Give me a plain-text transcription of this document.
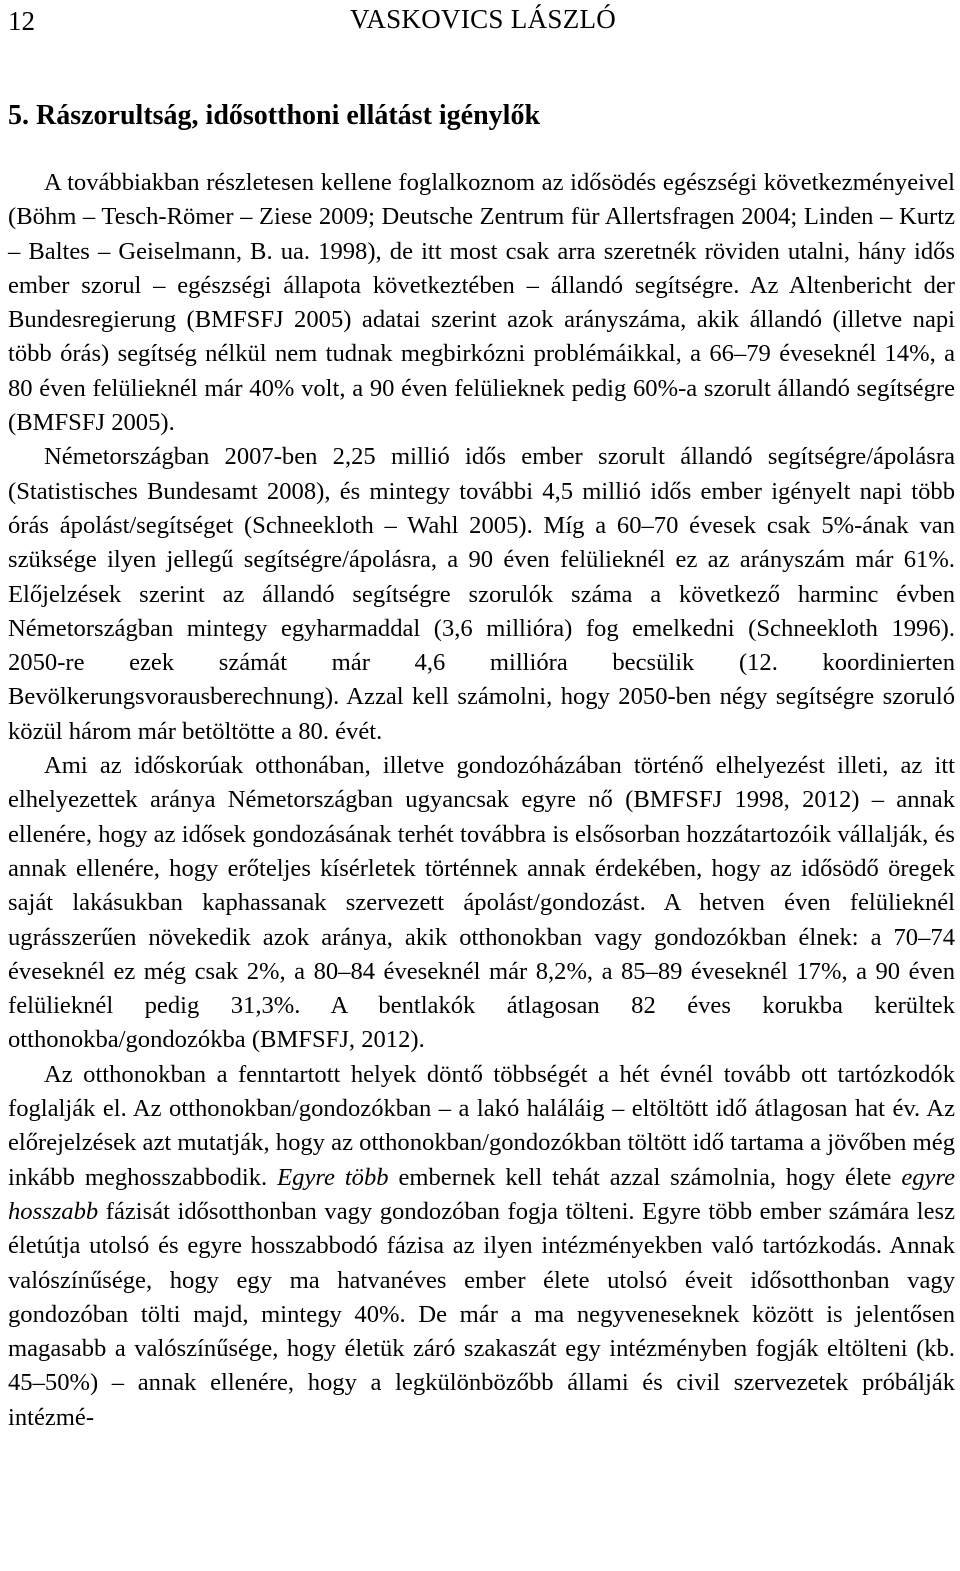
12	VASKOVICS LÁSZLÓ
5. Rászorultság, idősotthoni ellátást igénylők

A továbbiakban részletesen kellene foglalkoznom az idősödés egészségi következményeivel (Böhm – Tesch-Römer – Ziese 2009; Deutsche Zentrum für Allertsfragen 2004; Linden – Kurtz – Baltes – Geiselmann, B. ua. 1998), de itt most csak arra szeretnék röviden utalni, hány idős ember szorul – egészségi állapota következtében – állandó segítségre. Az Altenbericht der Bundesregierung (BMFSFJ 2005) adatai szerint azok arányszáma, akik állandó (illetve napi több órás) segítség nélkül nem tudnak megbirkózni problémáikkal, a 66–79 éveseknél 14%, a 80 éven felülieknél már 40% volt, a 90 éven felülieknek pedig 60%-a szorult állandó segítségre (BMFSFJ 2005).

Németországban 2007-ben 2,25 millió idős ember szorult állandó segítségre/ápolásra (Statistisches Bundesamt 2008), és mintegy további 4,5 millió idős ember igényelt napi több órás ápolást/segítséget (Schneekloth – Wahl 2005). Míg a 60–70 évesek csak 5%-ának van szüksége ilyen jellegű segítségre/ápolásra, a 90 éven felülieknél ez az arányszám már 61%. Előjelzések szerint az állandó segítségre szorulók száma a következő harminc évben Németországban mintegy egyharmaddal (3,6 millióra) fog emelkedni (Schneekloth 1996). 2050-re ezek számát már 4,6 millióra becsülik (12. koordinierten Bevölkerungsvorausberechnung). Azzal kell számolni, hogy 2050-ben négy segítségre szoruló közül három már betöltötte a 80. évét.

Ami az időskorúak otthonában, illetve gondozóházában történő elhelyezést illeti, az itt elhelyezettek aránya Németországban ugyancsak egyre nő (BMFSFJ 1998, 2012) – annak ellenére, hogy az idősek gondozásának terhét továbbra is elsősorban hozzátartozóik vállalják, és annak ellenére, hogy erőteljes kísérletek történnek annak érdekében, hogy az idősödő öregek saját lakásukban kaphassanak szervezett ápolást/gondozást. A hetven éven felülieknél ugrásszerűen növekedik azok aránya, akik otthonokban vagy gondozókban élnek: a 70–74 éveseknél ez még csak 2%, a 80–84 éveseknél már 8,2%, a 85–89 éveseknél 17%, a 90 éven felülieknél pedig 31,3%. A bentlakók átlagosan 82 éves korukba kerültek otthonokba/gondozókba (BMFSFJ, 2012).

Az otthonokban a fenntartott helyek döntő többségét a hét évnél tovább ott tartózkodók foglalják el. Az otthonokban/gondozókban – a lakó haláláig – eltöltött idő átlagosan hat év. Az előrejelzések azt mutatják, hogy az otthonokban/gondozókban töltött idő tartama a jövőben még inkább meghosszabbodik. Egyre több embernek kell tehát azzal számolnia, hogy élete egyre hosszabb fázisát idősotthonban vagy gondozóban fogja tölteni. Egyre több ember számára lesz életútja utolsó és egyre hosszabbodó fázisa az ilyen intézményekben való tartózkodás. Annak valószínűsége, hogy egy ma hatvanéves ember élete utolsó éveit idősotthonban vagy gondozóban tölti majd, mintegy 40%. De már a ma negyveneseknek között is jelentősen magasabb a valószínűsége, hogy életük záró szakaszát egy intézményben fogják eltölteni (kb. 45–50%) – annak ellenére, hogy a legkülönbözőbb állami és civil szervezetek próbálják intézmé-
